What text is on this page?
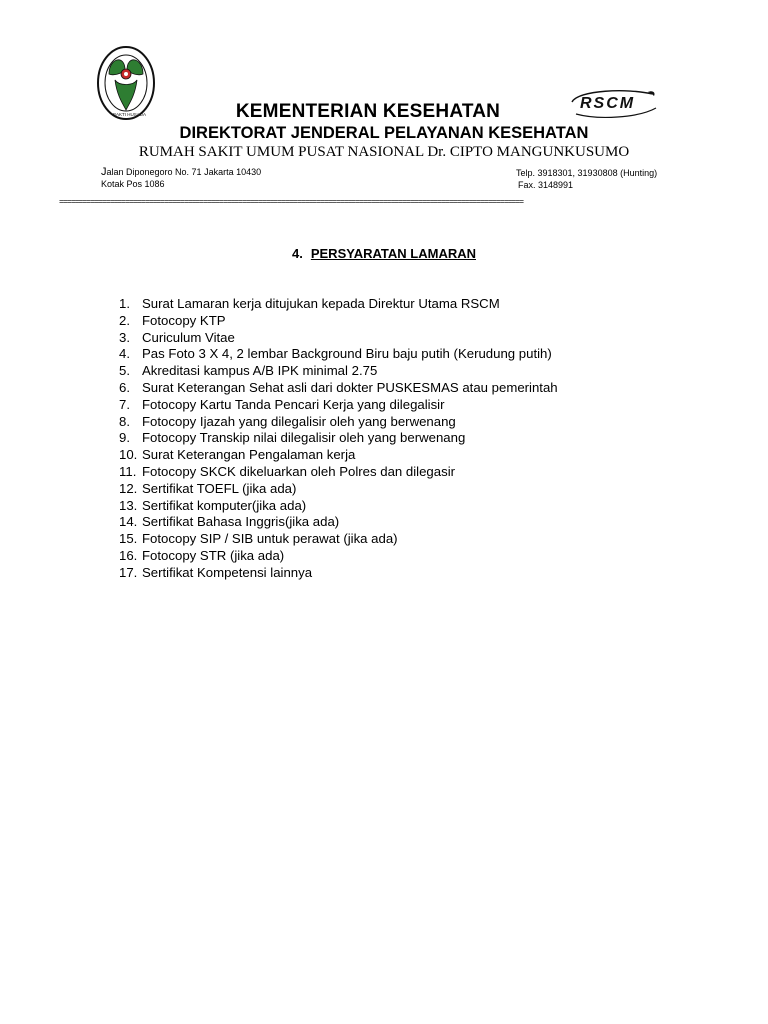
BAKTI HUSADA
RSCM
KEMENTERIAN KESEHATAN
DIREKTORAT JENDERAL PELAYANAN KESEHATAN
RUMAH SAKIT UMUM PUSAT NASIONAL Dr. CIPTO MANGUNKUSUMO
Jalan Diponegoro No. 71 Jakarta 10430
Kotak Pos 1086
Telp. 3918301, 31930808 (Hunting)
Fax. 3148991
=======================================================================================================================
4. PERSYARATAN LAMARAN
1. Surat Lamaran kerja ditujukan kepada Direktur Utama RSCM
2. Fotocopy KTP
3. Curiculum Vitae
4. Pas Foto 3 X 4, 2 lembar Background Biru baju putih (Kerudung putih)
5. Akreditasi kampus A/B IPK minimal 2.75
6. Surat Keterangan Sehat asli dari dokter PUSKESMAS atau pemerintah
7. Fotocopy Kartu Tanda Pencari Kerja yang dilegalisir
8. Fotocopy Ijazah yang dilegalisir oleh yang berwenang
9. Fotocopy Transkip nilai dilegalisir oleh yang berwenang
10. Surat Keterangan Pengalaman kerja
11. Fotocopy SKCK dikeluarkan oleh Polres dan dilegasir
12. Sertifikat TOEFL (jika ada)
13. Sertifikat komputer(jika ada)
14. Sertifikat Bahasa Inggris(jika ada)
15. Fotocopy SIP / SIB untuk perawat (jika ada)
16. Fotocopy STR (jika ada)
17. Sertifikat Kompetensi lainnya
